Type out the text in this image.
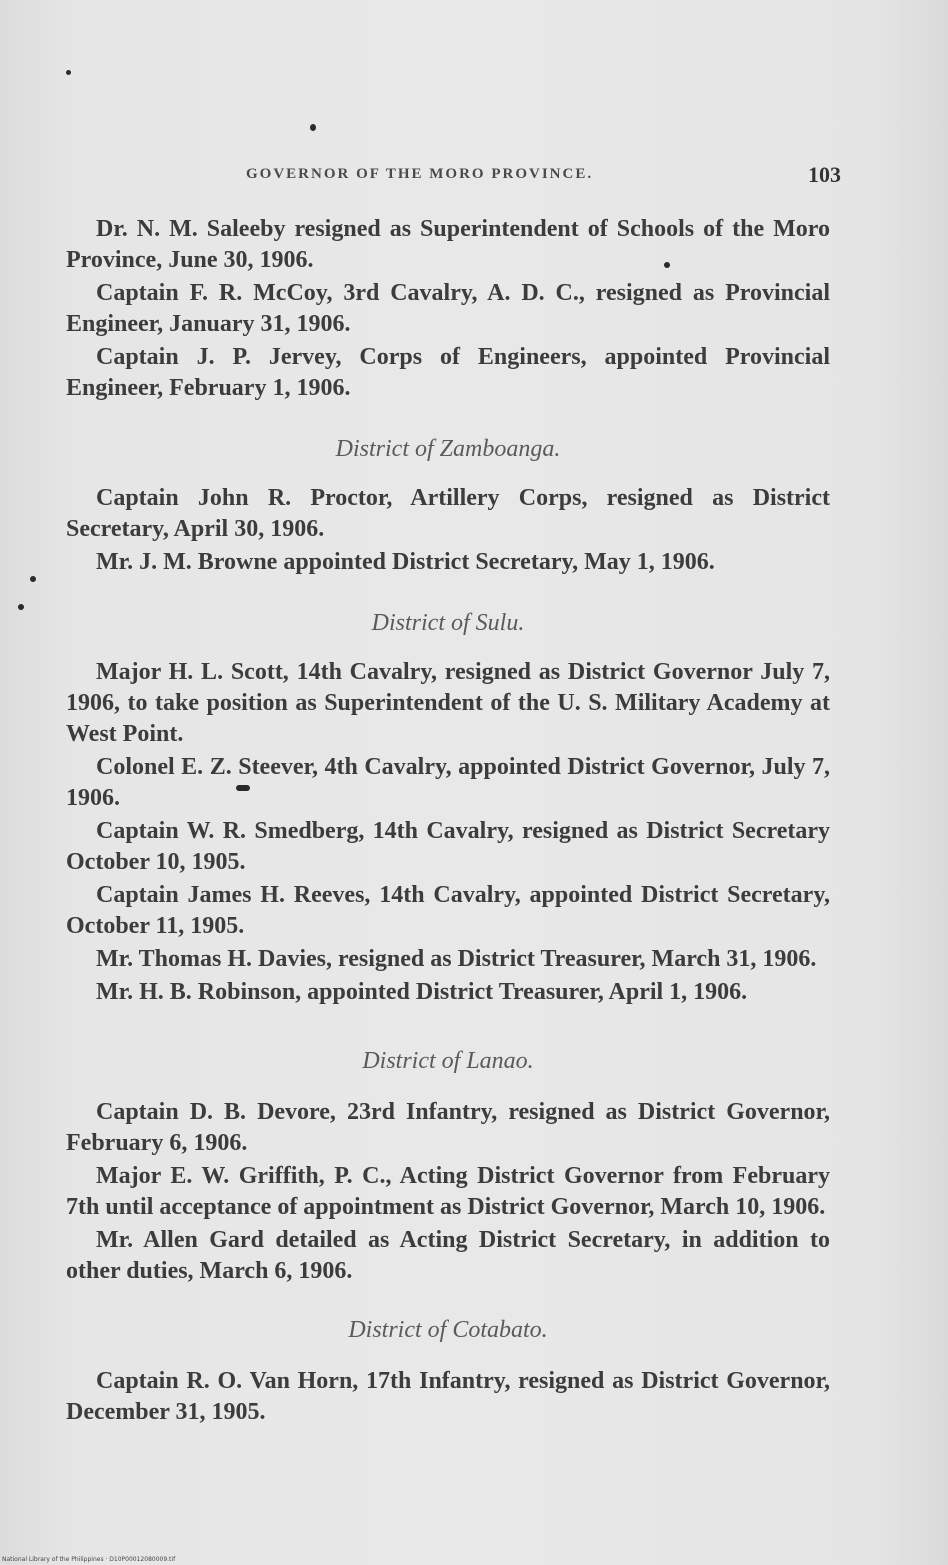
GOVERNOR OF THE MORO PROVINCE.	103

Dr. N. M. Saleeby resigned as Superintendent of Schools of the Moro Province, June 30, 1906.

Captain F. R. McCoy, 3rd Cavalry, A. D. C., resigned as Provincial Engineer, January 31, 1906.

Captain J. P. Jervey, Corps of Engineers, appointed Provincial Engineer, February 1, 1906.

District of Zamboanga.

Captain John R. Proctor, Artillery Corps, resigned as District Secretary, April 30, 1906.

Mr. J. M. Browne appointed District Secretary, May 1, 1906.

District of Sulu.

Major H. L. Scott, 14th Cavalry, resigned as District Governor July 7, 1906, to take position as Superintendent of the U. S. Military Academy at West Point.

Colonel E. Z. Steever, 4th Cavalry, appointed District Governor, July 7, 1906.

Captain W. R. Smedberg, 14th Cavalry, resigned as District Secretary October 10, 1905.

Captain James H. Reeves, 14th Cavalry, appointed District Secretary, October 11, 1905.

Mr. Thomas H. Davies, resigned as District Treasurer, March 31, 1906.

Mr. H. B. Robinson, appointed District Treasurer, April 1, 1906.

District of Lanao.

Captain D. B. Devore, 23rd Infantry, resigned as District Governor, February 6, 1906.

Major E. W. Griffith, P. C., Acting District Governor from February 7th until acceptance of appointment as District Governor, March 10, 1906.

Mr. Allen Gard detailed as Acting District Secretary, in addition to other duties, March 6, 1906.

District of Cotabato.

Captain R. O. Van Horn, 17th Infantry, resigned as District Governor, December 31, 1905.

National Library of the Philippines · D10P00012080009.tif
